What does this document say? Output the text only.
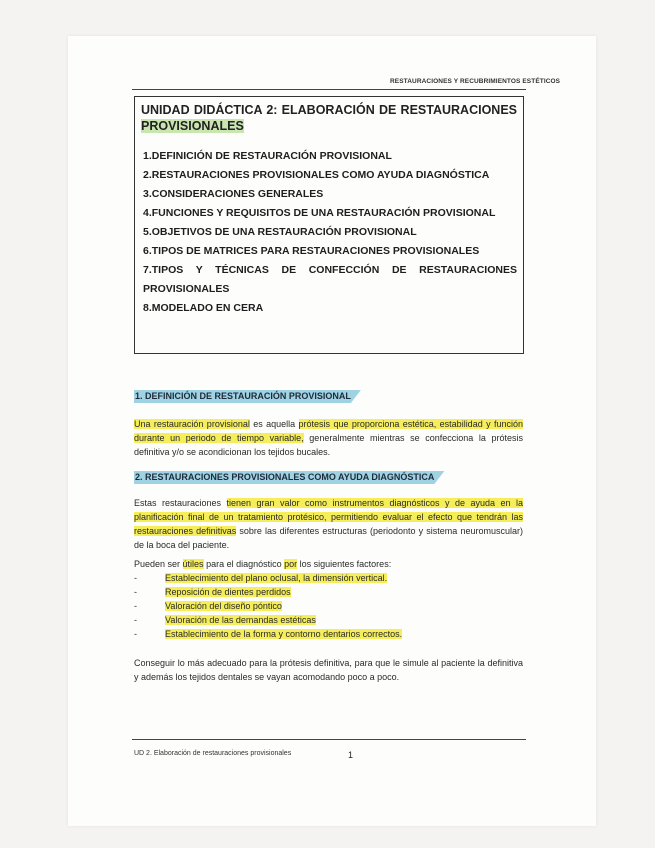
RESTAURACIONES Y RECUBRIMIENTOS ESTÉTICOS
UNIDAD DIDÁCTICA 2: ELABORACIÓN DE RESTAURACIONES
PROVISIONALES
1.DEFINICIÓN DE RESTAURACIÓN PROVISIONAL
2.RESTAURACIONES PROVISIONALES COMO AYUDA DIAGNÓSTICA
3.CONSIDERACIONES GENERALES
4.FUNCIONES Y REQUISITOS DE UNA RESTAURACIÓN PROVISIONAL
5.OBJETIVOS DE UNA RESTAURACIÓN PROVISIONAL
6.TIPOS DE MATRICES PARA RESTAURACIONES PROVISIONALES
7.TIPOS Y TÉCNICAS DE CONFECCIÓN DE RESTAURACIONES
PROVISIONALES
8.MODELADO EN CERA
1. DEFINICIÓN DE RESTAURACIÓN PROVISIONAL
Una restauración provisional es aquella prótesis que proporciona estética, estabilidad y función durante un periodo de tiempo variable, generalmente mientras se confecciona la prótesis definitiva y/o se acondicionan los tejidos bucales.
2. RESTAURACIONES PROVISIONALES COMO AYUDA DIAGNÓSTICA
Estas restauraciones tienen gran valor como instrumentos diagnósticos y de ayuda en la planificación final de un tratamiento protésico, permitiendo evaluar el efecto que tendrán las restauraciones definitivas sobre las diferentes estructuras (periodonto y sistema neuromuscular) de la boca del paciente.
Pueden ser útiles para el diagnóstico por los siguientes factores:
-	Establecimiento del plano oclusal, la dimensión vertical.
-	Reposición de dientes perdidos
-	Valoración del diseño póntico
-	Valoración de las demandas estéticas
-	Establecimiento de la forma y contorno dentarios correctos.
Conseguir lo más adecuado para la prótesis definitiva, para que le simule al paciente la definitiva y además los tejidos dentales se vayan acomodando poco a poco.
UD 2. Elaboración de restauraciones provisionales	1
